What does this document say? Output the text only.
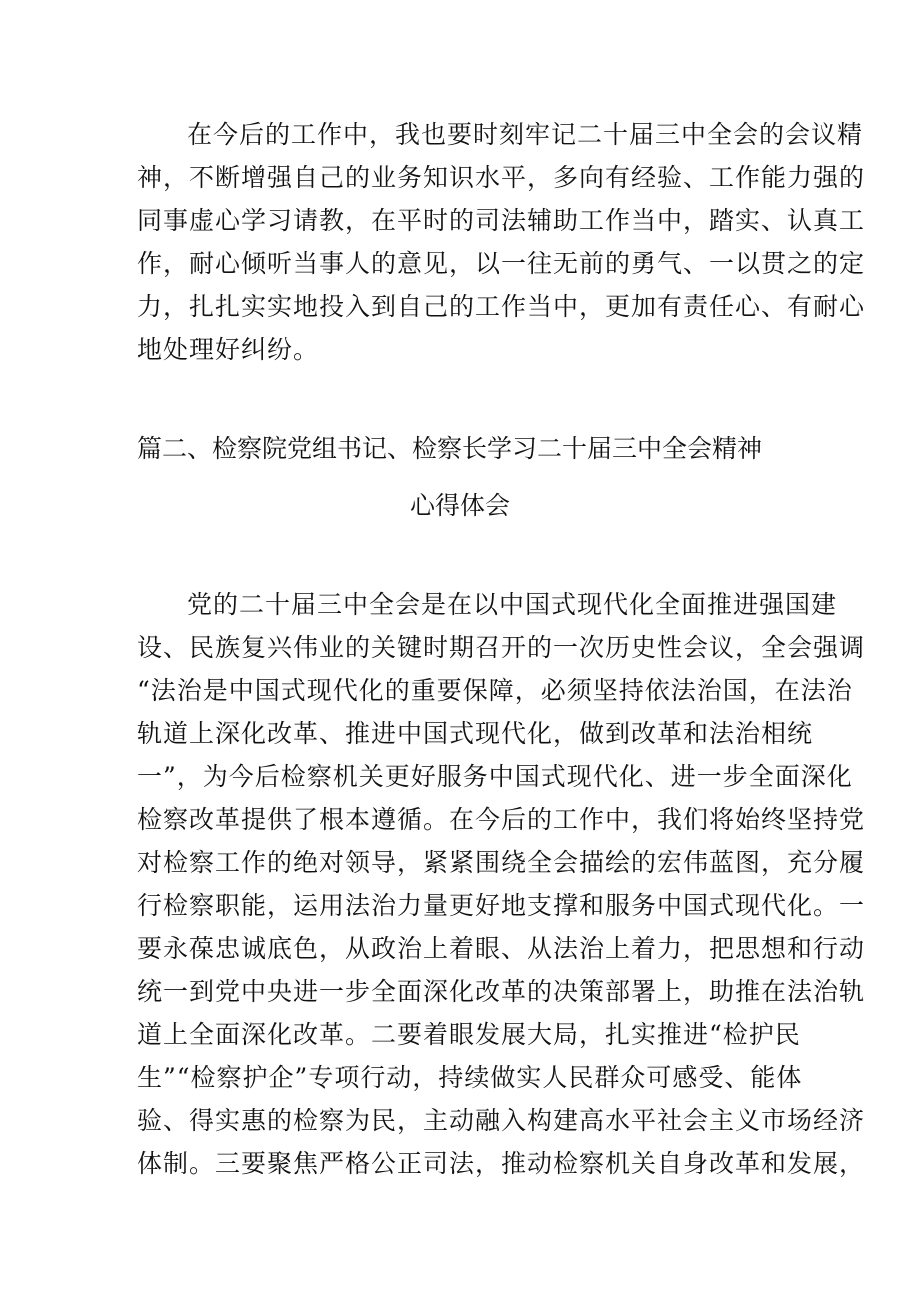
在今后的工作中，我也要时刻牢记二十届三中全会的会议精
神，不断增强自己的业务知识水平，多向有经验、工作能力强的
同事虚心学习请教，在平时的司法辅助工作当中，踏实、认真工
作，耐心倾听当事人的意见，以一往无前的勇气、一以贯之的定
力，扎扎实实地投入到自己的工作当中，更加有责任心、有耐心
地处理好纠纷。
篇二、检察院党组书记、检察长学习二十届三中全会精神
心得体会
党的二十届三中全会是在以中国式现代化全面推进强国建
设、民族复兴伟业的关键时期召开的一次历史性会议，全会强调
“法治是中国式现代化的重要保障，必须坚持依法治国，在法治
轨道上深化改革、推进中国式现代化，做到改革和法治相统
一”，为今后检察机关更好服务中国式现代化、进一步全面深化
检察改革提供了根本遵循。在今后的工作中，我们将始终坚持党
对检察工作的绝对领导，紧紧围绕全会描绘的宏伟蓝图，充分履
行检察职能，运用法治力量更好地支撑和服务中国式现代化。一
要永葆忠诚底色，从政治上着眼、从法治上着力，把思想和行动
统一到党中央进一步全面深化改革的决策部署上，助推在法治轨
道上全面深化改革。二要着眼发展大局，扎实推进“检护民
生”“检察护企”专项行动，持续做实人民群众可感受、能体
验、得实惠的检察为民，主动融入构建高水平社会主义市场经济
体制。三要聚焦严格公正司法，推动检察机关自身改革和发展，
